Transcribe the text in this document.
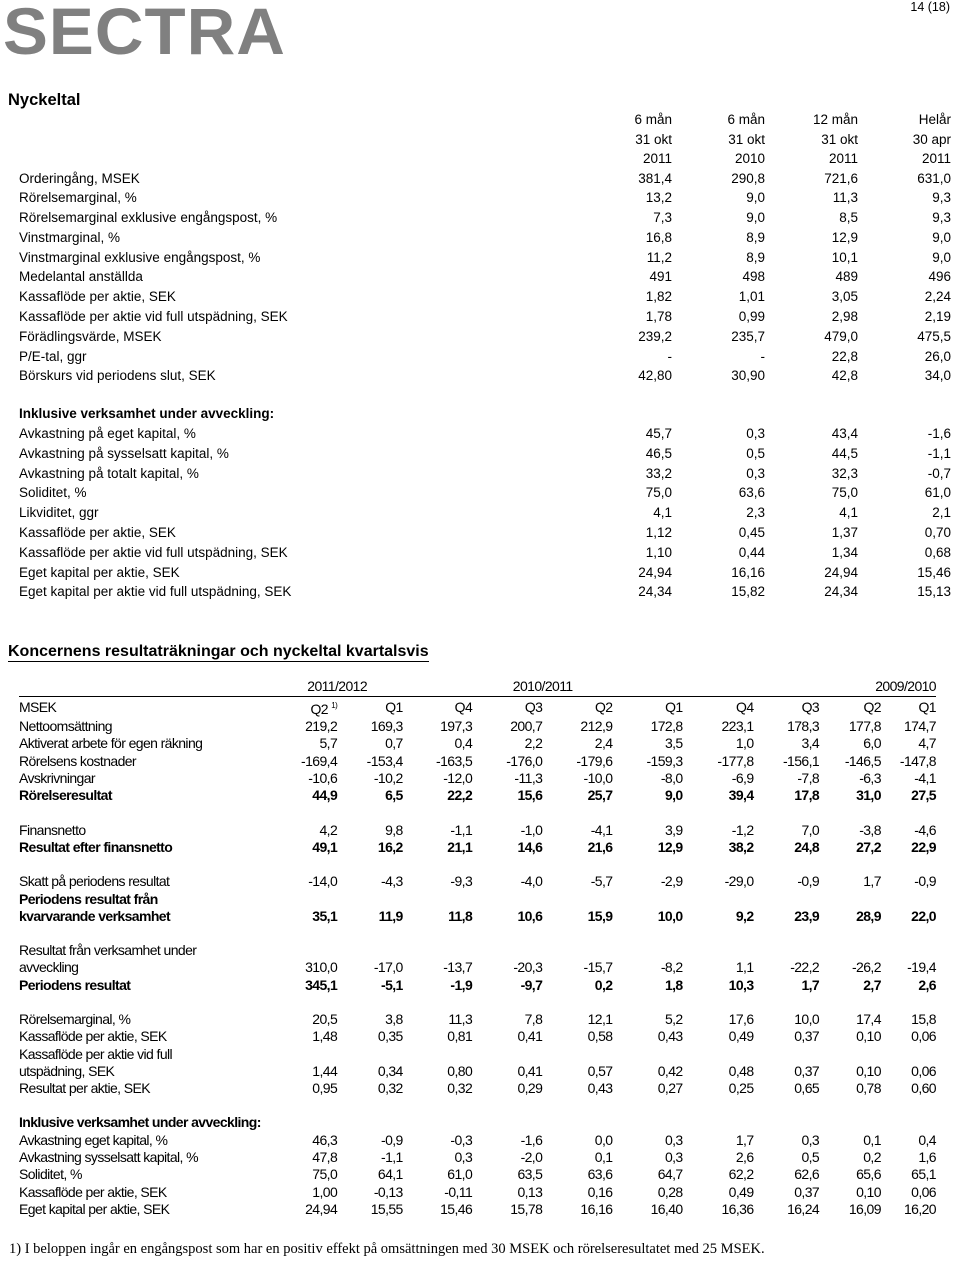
SECTRA	14 (18)
Nyckeltal
	6 mån	6 mån	12 mån	Helår
	31 okt	31 okt	31 okt	30 apr
	2011	2010	2011	2011
Orderingång, MSEK	381,4	290,8	721,6	631,0
Rörelsemarginal, %	13,2	9,0	11,3	9,3
Rörelsemarginal exklusive engångspost, %	7,3	9,0	8,5	9,3
Vinstmarginal, %	16,8	8,9	12,9	9,0
Vinstmarginal exklusive engångspost, %	11,2	8,9	10,1	9,0
Medelantal anställda	491	498	489	496
Kassaflöde per aktie, SEK	1,82	1,01	3,05	2,24
Kassaflöde per aktie vid full utspädning, SEK	1,78	0,99	2,98	2,19
Förädlingsvärde, MSEK	239,2	235,7	479,0	475,5
P/E-tal, ggr	-	-	22,8	26,0
Börskurs vid periodens slut, SEK	42,80	30,90	42,8	34,0

Inklusive verksamhet under avveckling:				
Avkastning på eget kapital, %	45,7	0,3	43,4	-1,6
Avkastning på sysselsatt kapital, %	46,5	0,5	44,5	-1,1
Avkastning på totalt kapital, %	33,2	0,3	32,3	-0,7
Soliditet, %	75,0	63,6	75,0	61,0
Likviditet, ggr	4,1	2,3	4,1	2,1
Kassaflöde per aktie, SEK	1,12	0,45	1,37	0,70
Kassaflöde per aktie vid full utspädning, SEK	1,10	0,44	1,34	0,68
Eget kapital per aktie, SEK	24,94	16,16	24,94	15,46
Eget kapital per aktie vid full utspädning, SEK	24,34	15,82	24,34	15,13
Koncernens resultaträkningar och nyckeltal kvartalsvis
	2011/2012		2010/2011				2009/2010			
MSEK	Q2 $^{1)}$	Q1	Q4	Q3	Q2	Q1	Q4	Q3	Q2	Q1
Nettoomsättning	219,2	169,3	197,3	200,7	212,9	172,8	223,1	178,3	177,8	174,7
Aktiverat arbete för egen räkning	5,7	0,7	0,4	2,2	2,4	3,5	1,0	3,4	6,0	4,7
Rörelsens kostnader	-169,4	-153,4	-163,5	-176,0	-179,6	-159,3	-177,8	-156,1	-146,5	-147,8
Avskrivningar	-10,6	-10,2	-12,0	-11,3	-10,0	-8,0	-6,9	-7,8	-6,3	-4,1
Rörelseresultat	44,9	6,5	22,2	15,6	25,7	9,0	39,4	17,8	31,0	27,5

Finansnetto	4,2	9,8	-1,1	-1,0	-4,1	3,9	-1,2	7,0	-3,8	-4,6
Resultat efter finansnetto	49,1	16,2	21,1	14,6	21,6	12,9	38,2	24,8	27,2	22,9

Skatt på periodens resultat	-14,0	-4,3	-9,3	-4,0	-5,7	-2,9	-29,0	-0,9	1,7	-0,9
Periodens resultat från										
kvarvarande verksamhet	35,1	11,9	11,8	10,6	15,9	10,0	9,2	23,9	28,9	22,0

Resultat från verksamhet under										
avveckling	310,0	-17,0	-13,7	-20,3	-15,7	-8,2	1,1	-22,2	-26,2	-19,4
Periodens resultat	345,1	-5,1	-1,9	-9,7	0,2	1,8	10,3	1,7	2,7	2,6

Rörelsemarginal, %	20,5	3,8	11,3	7,8	12,1	5,2	17,6	10,0	17,4	15,8
Kassaflöde per aktie, SEK	1,48	0,35	0,81	0,41	0,58	0,43	0,49	0,37	0,10	0,06
Kassaflöde per aktie vid full										
utspädning, SEK	1,44	0,34	0,80	0,41	0,57	0,42	0,48	0,37	0,10	0,06
Resultat per aktie, SEK	0,95	0,32	0,32	0,29	0,43	0,27	0,25	0,65	0,78	0,60

Inklusive verksamhet under avveckling:										
Avkastning eget kapital, %	46,3	-0,9	-0,3	-1,6	0,0	0,3	1,7	0,3	0,1	0,4
Avkastning sysselsatt kapital, %	47,8	-1,1	0,3	-2,0	0,1	0,3	2,6	0,5	0,2	1,6
Soliditet, %	75,0	64,1	61,0	63,5	63,6	64,7	62,2	62,6	65,6	65,1
Kassaflöde per aktie, SEK	1,00	-0,13	-0,11	0,13	0,16	0,28	0,49	0,37	0,10	0,06
Eget kapital per aktie, SEK	24,94	15,55	15,46	15,78	16,16	16,40	16,36	16,24	16,09	16,20
1) I beloppen ingår en engångspost som har en positiv effekt på omsättningen med 30 MSEK och rörelseresultatet med 25 MSEK.
